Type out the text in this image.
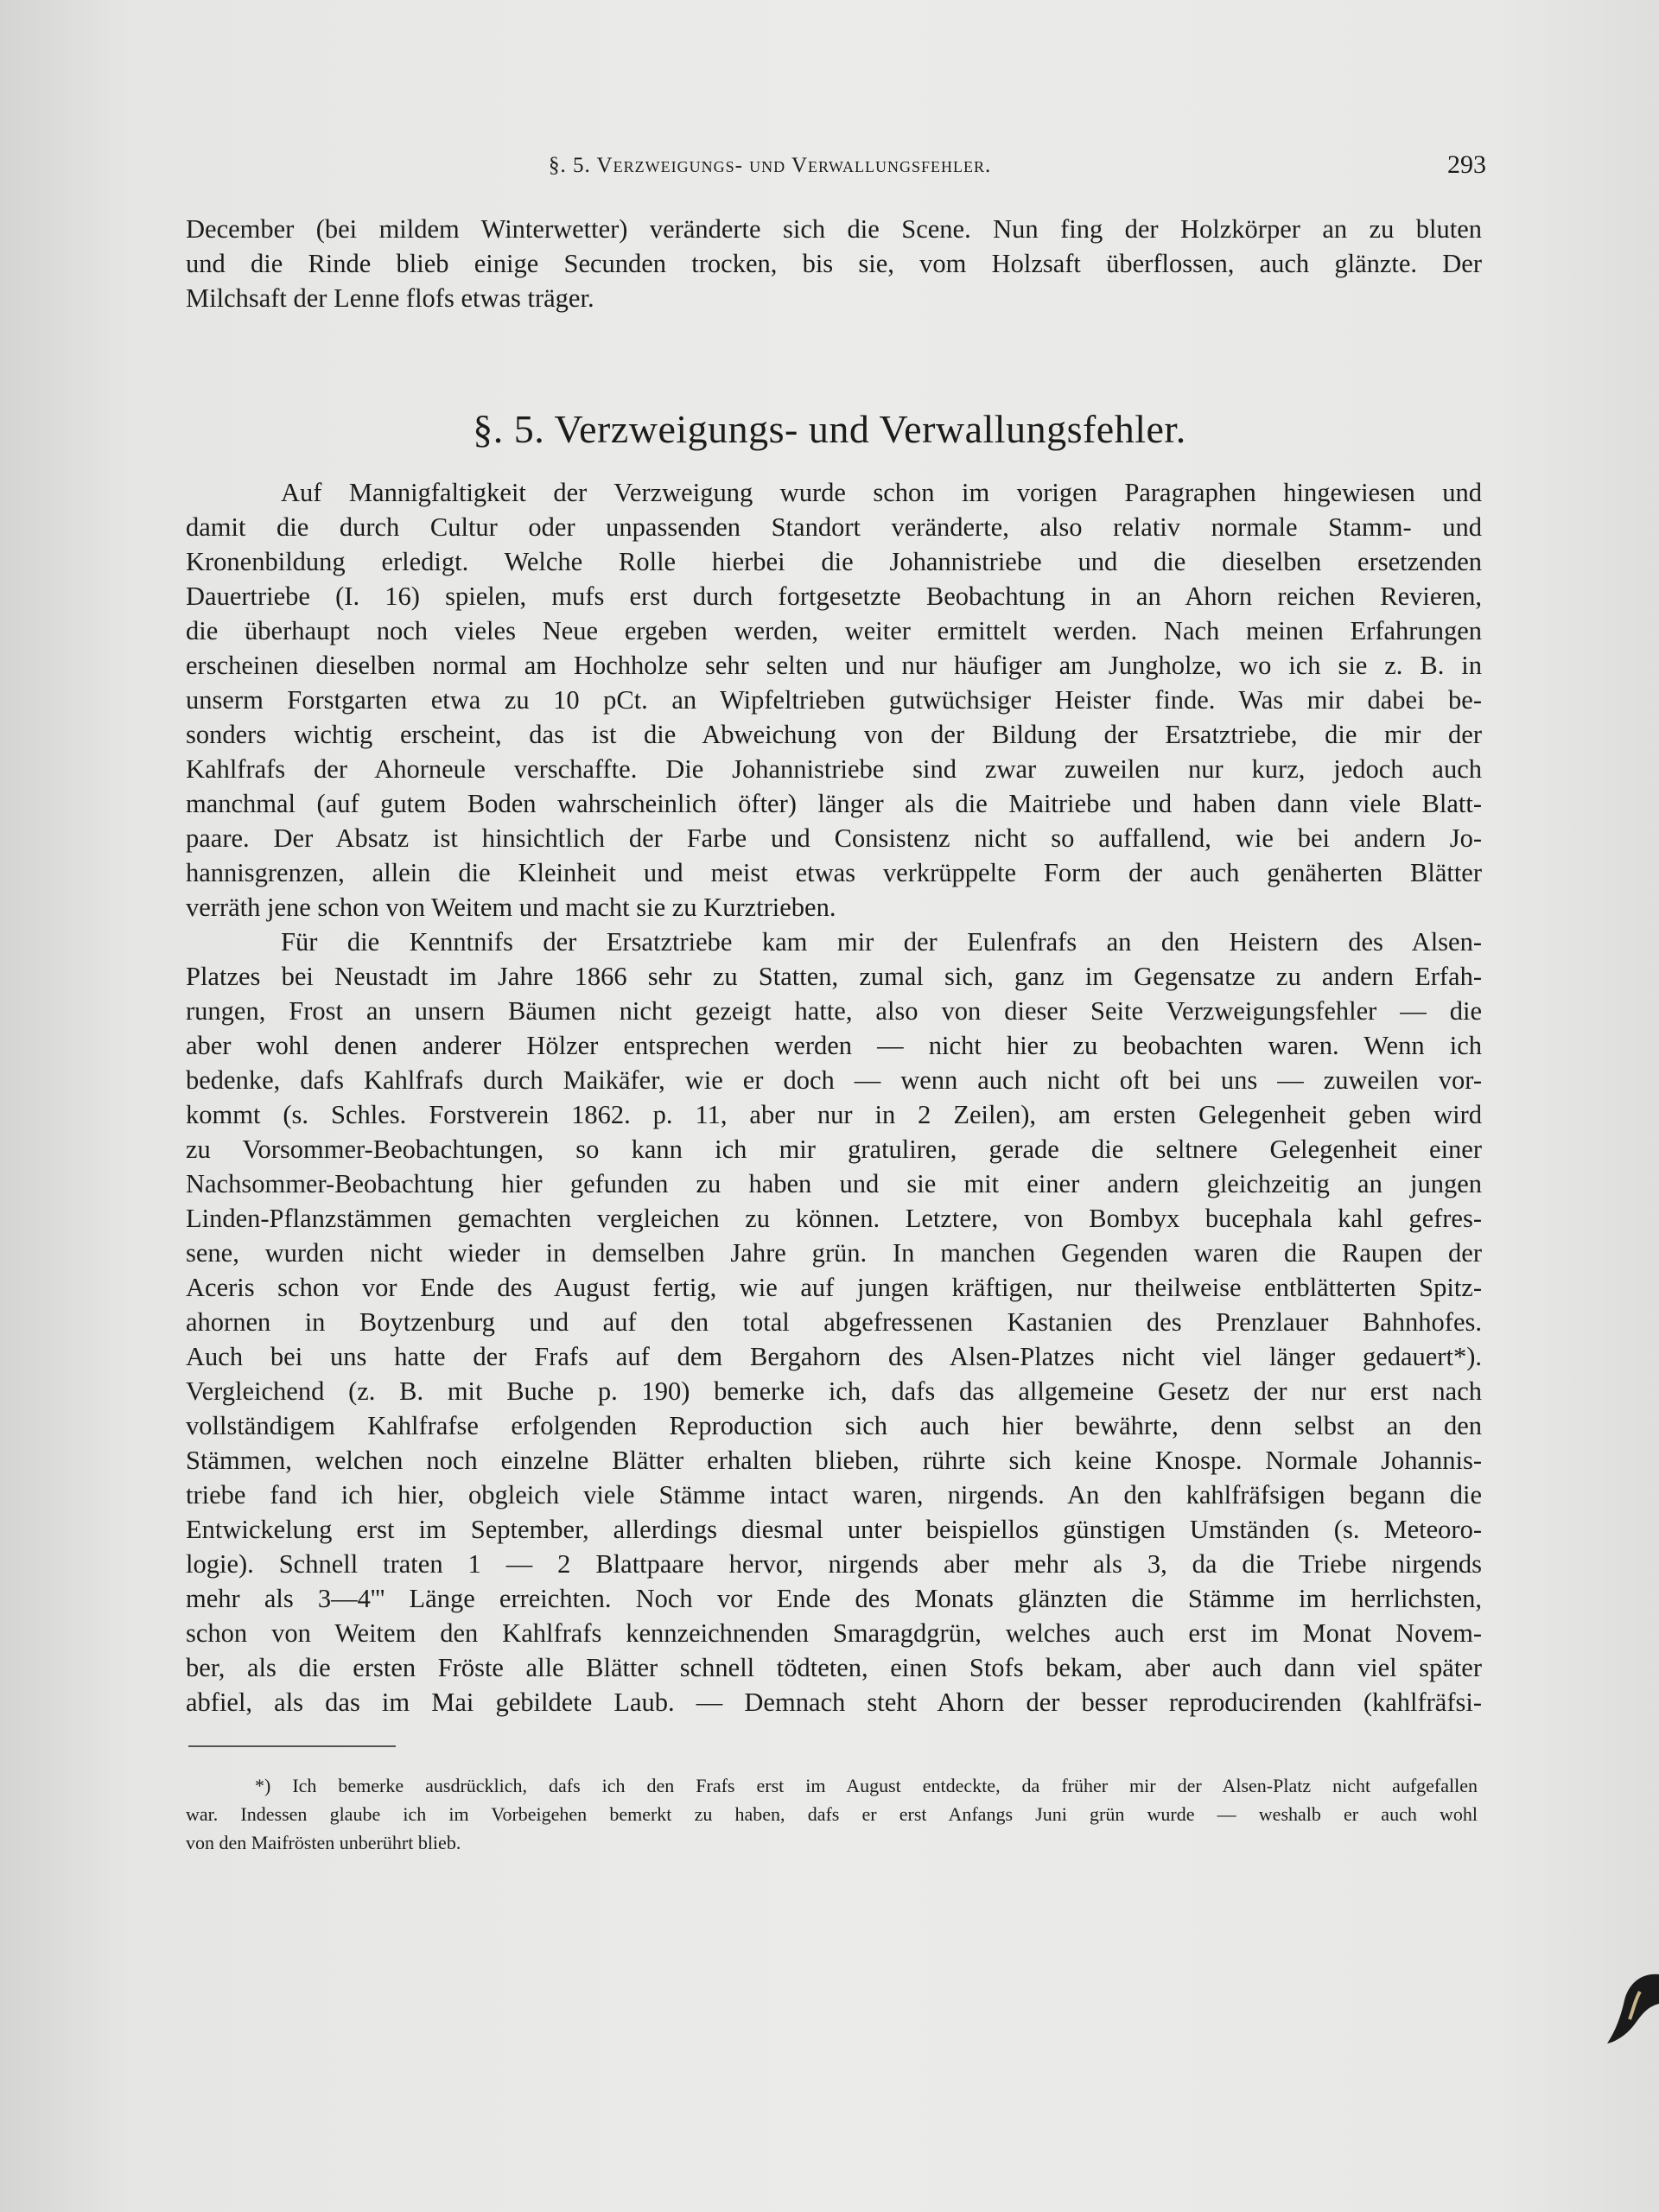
§. 5. Verzweigungs- und Verwallungsfehler.	293
December (bei mildem Winterwetter) veränderte sich die Scene. Nun fing der Holzkörper an zu bluten
und die Rinde blieb einige Secunden trocken, bis sie, vom Holzsaft überflossen, auch glänzte. Der
Milchsaft der Lenne flofs etwas träger.
§. 5. Verzweigungs- und Verwallungsfehler.
Auf Mannigfaltigkeit der Verzweigung wurde schon im vorigen Paragraphen hingewiesen und
damit die durch Cultur oder unpassenden Standort veränderte, also relativ normale Stamm- und
Kronenbildung erledigt. Welche Rolle hierbei die Johannistriebe und die dieselben ersetzenden
Dauertriebe (I. 16) spielen, mufs erst durch fortgesetzte Beobachtung in an Ahorn reichen Revieren,
die überhaupt noch vieles Neue ergeben werden, weiter ermittelt werden. Nach meinen Erfahrungen
erscheinen dieselben normal am Hochholze sehr selten und nur häufiger am Jungholze, wo ich sie z. B. in
unserm Forstgarten etwa zu 10 pCt. an Wipfeltrieben gutwüchsiger Heister finde. Was mir dabei be-
sonders wichtig erscheint, das ist die Abweichung von der Bildung der Ersatztriebe, die mir der
Kahlfrafs der Ahorneule verschaffte. Die Johannistriebe sind zwar zuweilen nur kurz, jedoch auch
manchmal (auf gutem Boden wahrscheinlich öfter) länger als die Maitriebe und haben dann viele Blatt-
paare. Der Absatz ist hinsichtlich der Farbe und Consistenz nicht so auffallend, wie bei andern Jo-
hannisgrenzen, allein die Kleinheit und meist etwas verkrüppelte Form der auch genäherten Blätter
verräth jene schon von Weitem und macht sie zu Kurztrieben.
Für die Kenntnifs der Ersatztriebe kam mir der Eulenfrafs an den Heistern des Alsen-
Platzes bei Neustadt im Jahre 1866 sehr zu Statten, zumal sich, ganz im Gegensatze zu andern Erfah-
rungen, Frost an unsern Bäumen nicht gezeigt hatte, also von dieser Seite Verzweigungsfehler — die
aber wohl denen anderer Hölzer entsprechen werden — nicht hier zu beobachten waren. Wenn ich
bedenke, dafs Kahlfrafs durch Maikäfer, wie er doch — wenn auch nicht oft bei uns — zuweilen vor-
kommt (s. Schles. Forstverein 1862. p. 11, aber nur in 2 Zeilen), am ersten Gelegenheit geben wird
zu Vorsommer-Beobachtungen, so kann ich mir gratuliren, gerade die seltnere Gelegenheit einer
Nachsommer-Beobachtung hier gefunden zu haben und sie mit einer andern gleichzeitig an jungen
Linden-Pflanzstämmen gemachten vergleichen zu können. Letztere, von Bombyx bucephala kahl gefres-
sene, wurden nicht wieder in demselben Jahre grün. In manchen Gegenden waren die Raupen der
Aceris schon vor Ende des August fertig, wie auf jungen kräftigen, nur theilweise entblätterten Spitz-
ahornen in Boytzenburg und auf den total abgefressenen Kastanien des Prenzlauer Bahnhofes.
Auch bei uns hatte der Frafs auf dem Bergahorn des Alsen-Platzes nicht viel länger gedauert*).
Vergleichend (z. B. mit Buche p. 190) bemerke ich, dafs das allgemeine Gesetz der nur erst nach
vollständigem Kahlfrafse erfolgenden Reproduction sich auch hier bewährte, denn selbst an den
Stämmen, welchen noch einzelne Blätter erhalten blieben, rührte sich keine Knospe. Normale Johannis-
triebe fand ich hier, obgleich viele Stämme intact waren, nirgends. An den kahlfräfsigen begann die
Entwickelung erst im September, allerdings diesmal unter beispiellos günstigen Umständen (s. Meteoro-
logie). Schnell traten 1 — 2 Blattpaare hervor, nirgends aber mehr als 3, da die Triebe nirgends
mehr als 3—4''' Länge erreichten. Noch vor Ende des Monats glänzten die Stämme im herrlichsten,
schon von Weitem den Kahlfrafs kennzeichnenden Smaragdgrün, welches auch erst im Monat Novem-
ber, als die ersten Fröste alle Blätter schnell tödteten, einen Stofs bekam, aber auch dann viel später
abfiel, als das im Mai gebildete Laub. — Demnach steht Ahorn der besser reproducirenden (kahlfräfsi-
*) Ich bemerke ausdrücklich, dafs ich den Frafs erst im August entdeckte, da früher mir der Alsen-Platz nicht aufgefallen
war. Indessen glaube ich im Vorbeigehen bemerkt zu haben, dafs er erst Anfangs Juni grün wurde — weshalb er auch wohl
von den Maifrösten unberührt blieb.
